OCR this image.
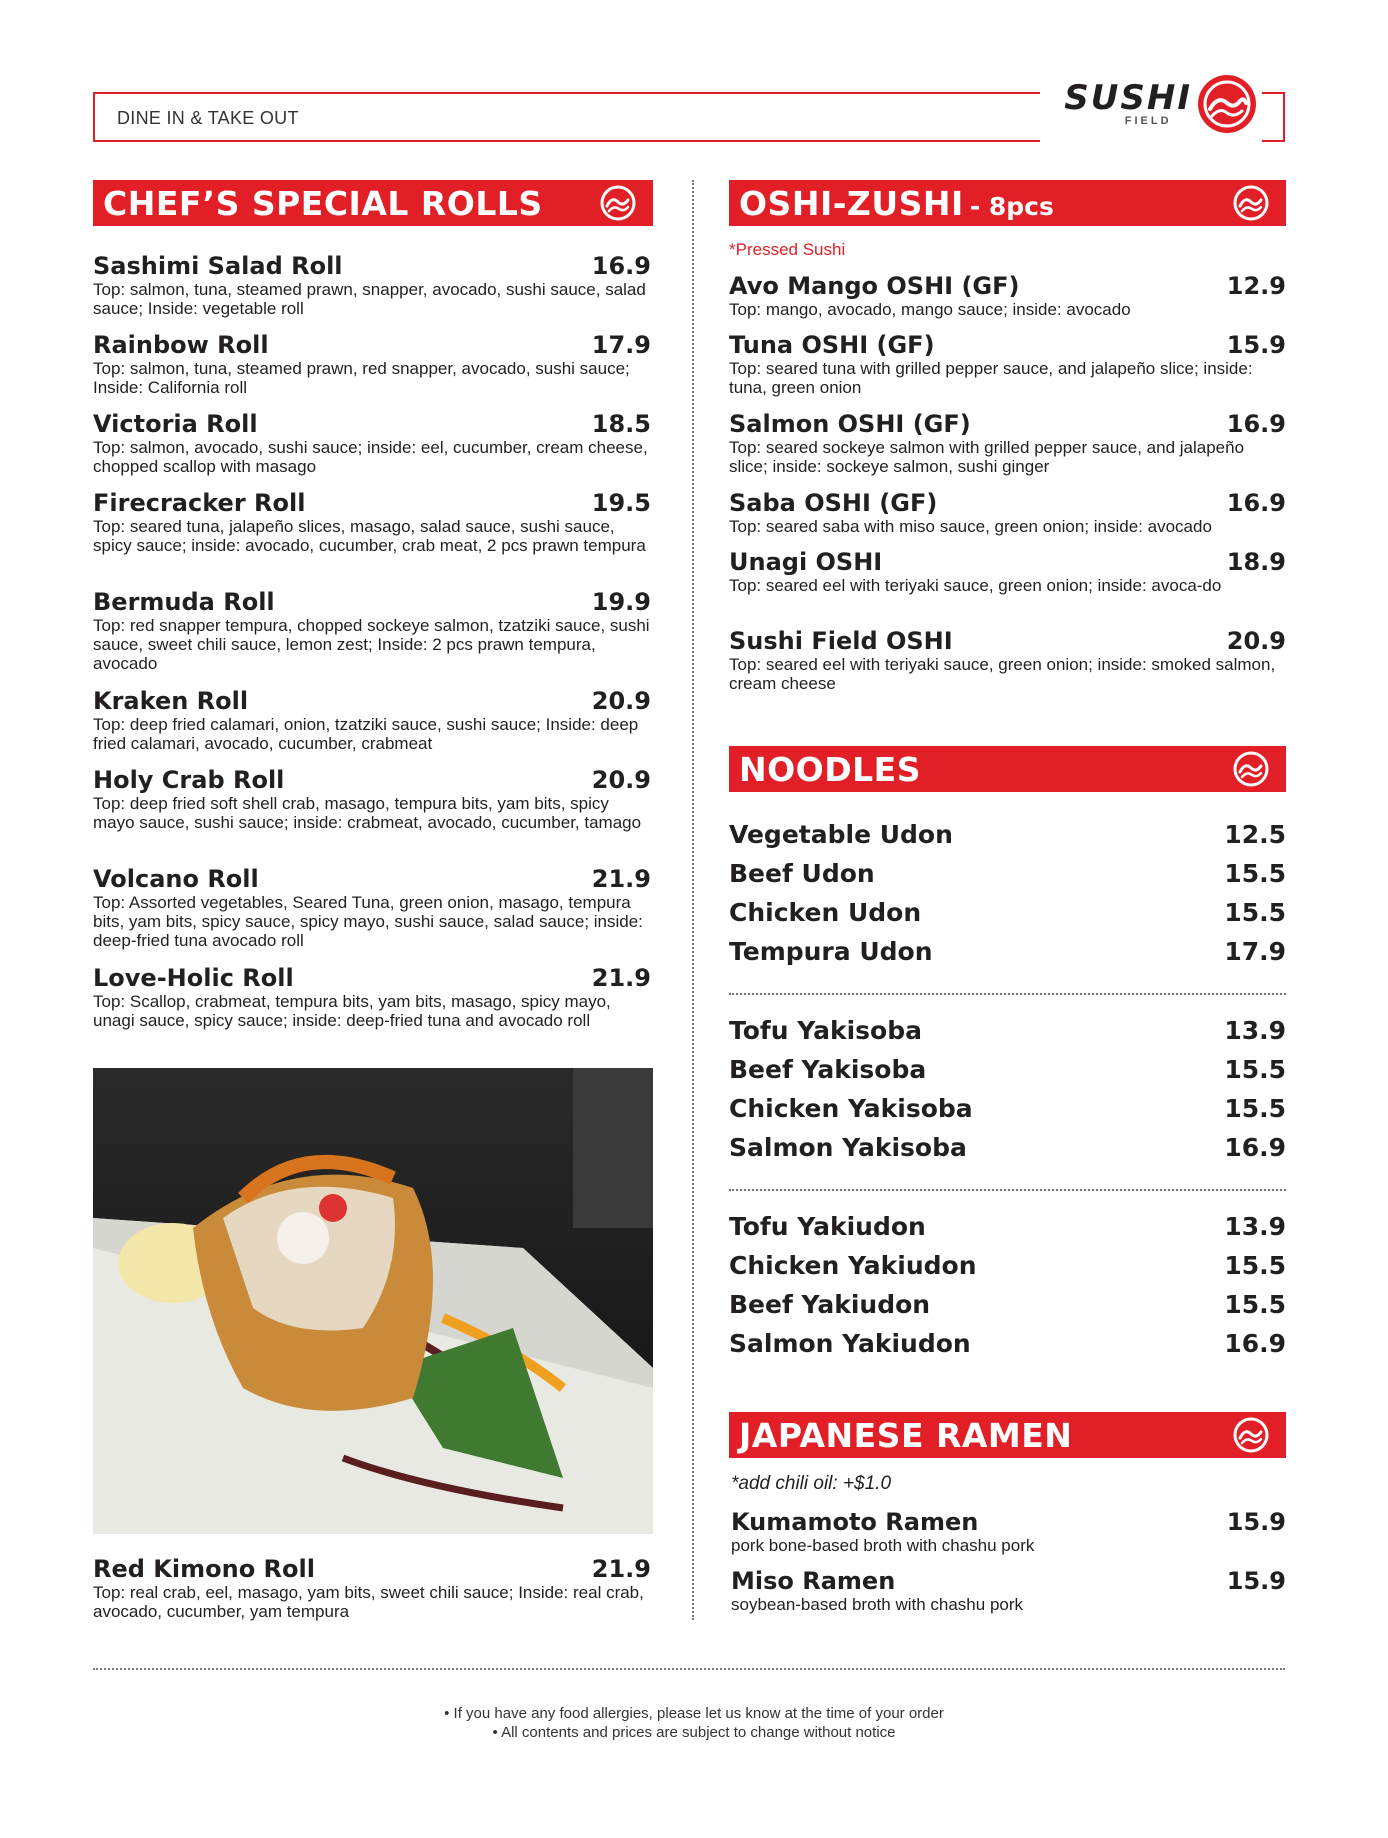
DINE IN & TAKE OUT	SUSHI
FIELD
CHEF’S SPECIAL ROLLS
Sashimi Salad Roll	16.9
Top: salmon, tuna, steamed prawn, snapper, avocado, sushi sauce, salad sauce; Inside: vegetable roll
Rainbow Roll	17.9
Top: salmon, tuna, steamed prawn, red snapper, avocado, sushi sauce; Inside: California roll
Victoria Roll	18.5
Top: salmon, avocado, sushi sauce; inside: eel, cucumber, cream cheese, chopped scallop with masago
Firecracker Roll	19.5
Top: seared tuna, jalapeño slices, masago, salad sauce, sushi sauce, spicy sauce; inside: avocado, cucumber, crab meat, 2 pcs prawn tempura
Bermuda Roll	19.9
Top: red snapper tempura, chopped sockeye salmon, tzatziki sauce, sushi sauce, sweet chili sauce, lemon zest; Inside: 2 pcs prawn tempura, avocado
Kraken Roll	20.9
Top: deep fried calamari, onion, tzatziki sauce, sushi sauce; Inside: deep fried calamari, avocado, cucumber, crabmeat
Holy Crab Roll	20.9
Top: deep fried soft shell crab, masago, tempura bits, yam bits, spicy mayo sauce, sushi sauce; inside: crabmeat, avocado, cucumber, tamago
Volcano Roll	21.9
Top: Assorted vegetables, Seared Tuna, green onion, masago, tempura bits, yam bits, spicy sauce, spicy mayo, sushi sauce, salad sauce; inside: deep-fried tuna avocado roll
Love-Holic Roll	21.9
Top: Scallop, crabmeat, tempura bits, yam bits, masago, spicy mayo, unagi sauce, spicy sauce; inside: deep-fried tuna and avocado roll
Red Kimono Roll	21.9
Top: real crab, eel, masago, yam bits, sweet chili sauce; Inside: real crab, avocado, cucumber, yam tempura
OSHI-ZUSHI - 8pcs
*Pressed Sushi
Avo Mango OSHI (GF)	12.9
Top: mango, avocado, mango sauce; inside: avocado
Tuna OSHI (GF)	15.9
Top: seared tuna with grilled pepper sauce, and jalapeño slice; inside: tuna, green onion
Salmon OSHI (GF)	16.9
Top: seared sockeye salmon with grilled pepper sauce, and jalapeño slice; inside: sockeye salmon, sushi ginger
Saba OSHI (GF)	16.9
Top: seared saba with miso sauce, green onion; inside: avocado
Unagi OSHI	18.9
Top: seared eel with teriyaki sauce, green onion; inside: avoca-do
Sushi Field OSHI	20.9
Top: seared eel with teriyaki sauce, green onion; inside: smoked salmon, cream cheese
NOODLES
Vegetable Udon	12.5
Beef Udon	15.5
Chicken Udon	15.5
Tempura Udon	17.9
Tofu Yakisoba	13.9
Beef Yakisoba	15.5
Chicken Yakisoba	15.5
Salmon Yakisoba	16.9
Tofu Yakiudon	13.9
Chicken Yakiudon	15.5
Beef Yakiudon	15.5
Salmon Yakiudon	16.9
JAPANESE RAMEN
*add chili oil: +$1.0
Kumamoto Ramen	15.9
pork bone-based broth with chashu pork
Miso Ramen	15.9
soybean-based broth with chashu pork
• If you have any food allergies, please let us know at the time of your order
• All contents and prices are subject to change without notice
